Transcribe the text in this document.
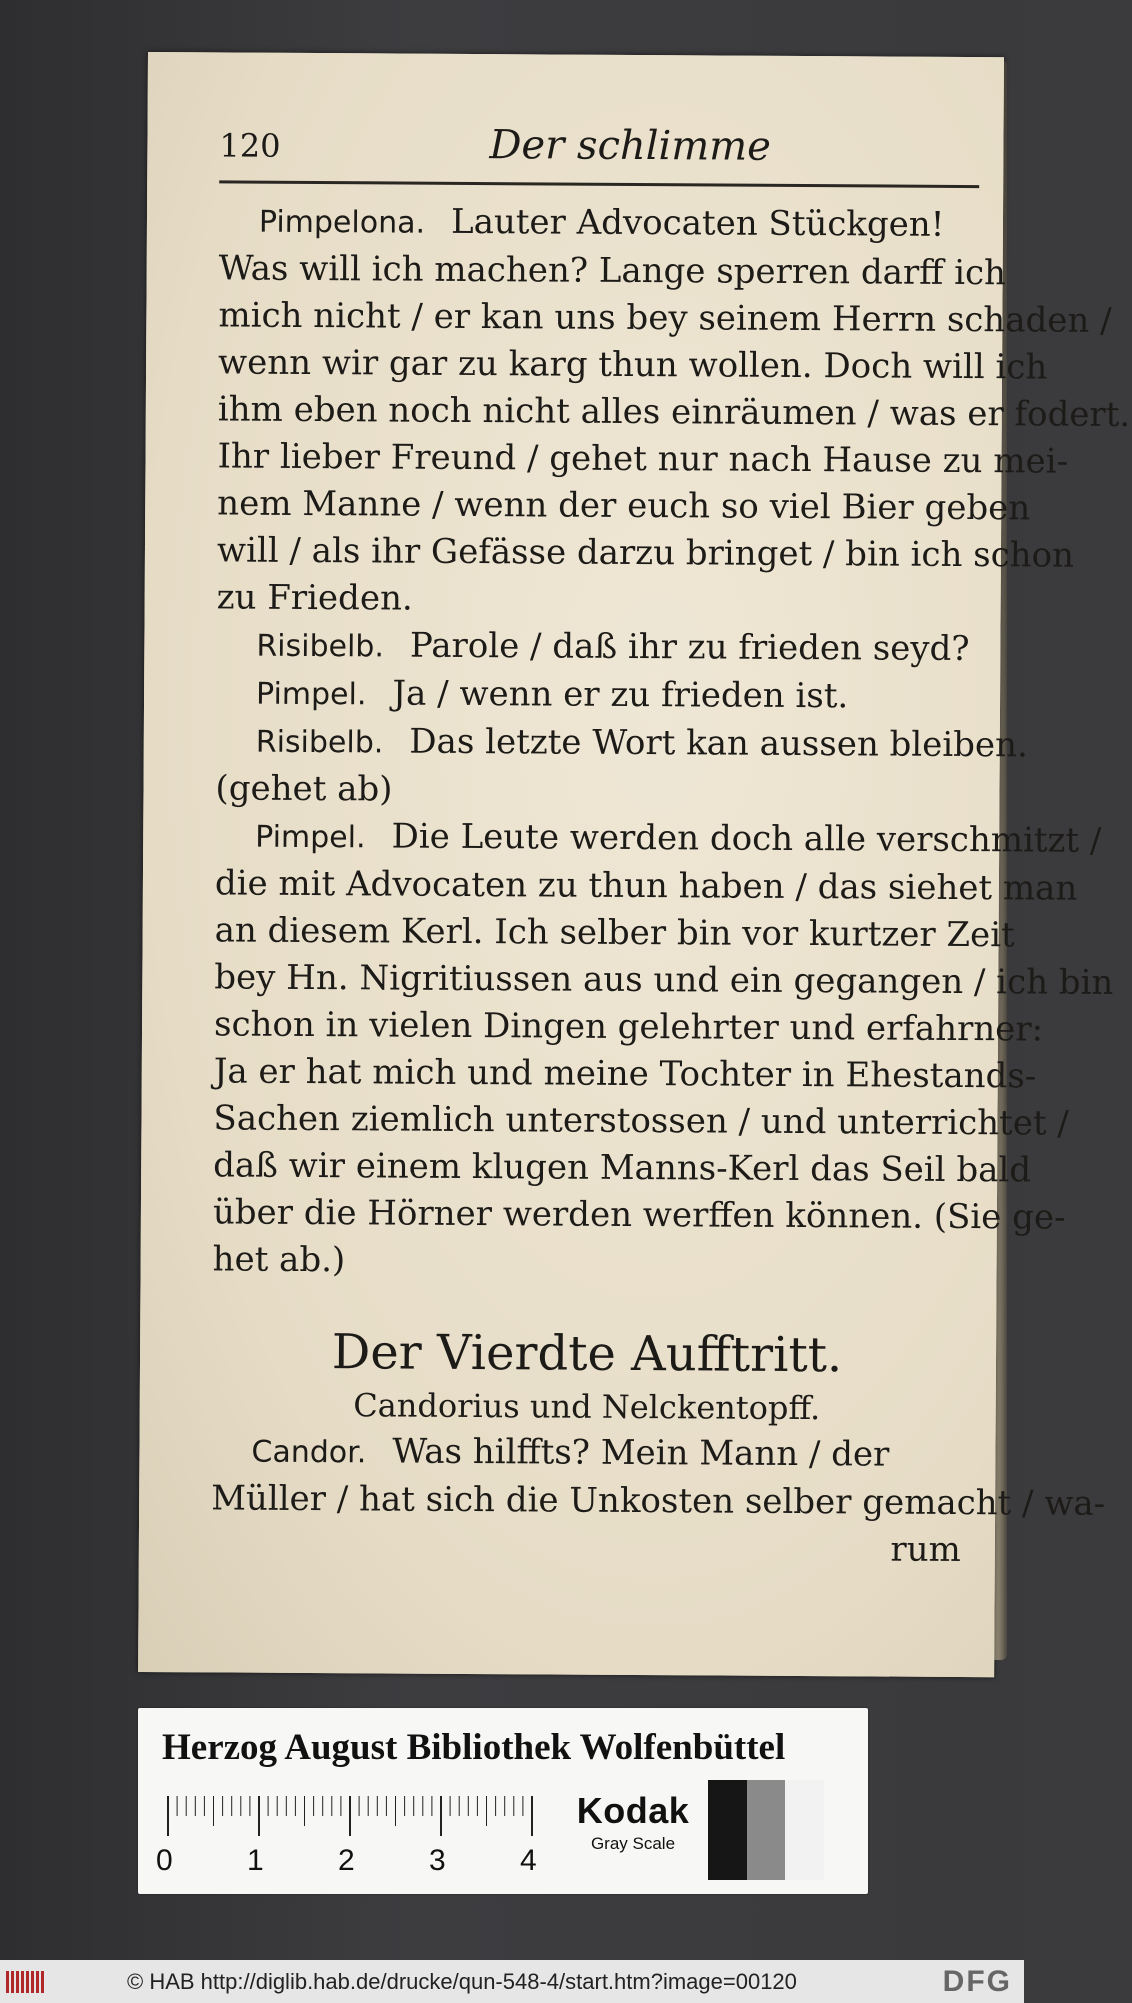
120	Der schlimme
Pimpelona. Lauter Advocaten Stückgen!
Was will ich machen? Lange sperren darff ich
mich nicht / er kan uns bey seinem Herrn schaden /
wenn wir gar zu karg thun wollen. Doch will ich
ihm eben noch nicht alles einräumen / was er fodert.
Ihr lieber Freund / gehet nur nach Hause zu mei-
nem Manne / wenn der euch so viel Bier geben
will / als ihr Gefässe darzu bringet / bin ich schon
zu Frieden.
Risibelb. Parole / daß ihr zu frieden seyd?
Pimpel. Ja / wenn er zu frieden ist.
Risibelb. Das letzte Wort kan aussen bleiben.
(gehet ab)
Pimpel. Die Leute werden doch alle verschmitzt /
die mit Advocaten zu thun haben / das siehet man
an diesem Kerl. Ich selber bin vor kurtzer Zeit
bey Hn. Nigritiussen aus und ein gegangen / ich bin
schon in vielen Dingen gelehrter und erfahrner:
Ja er hat mich und meine Tochter in Ehestands-
Sachen ziemlich unterstossen / und unterrichtet /
daß wir einem klugen Manns-Kerl das Seil bald
über die Hörner werden werffen können. (Sie ge-
het ab.)
Der Vierdte Aufftritt.
Candorius und Nelckentopff.
Candor. Was hilffts? Mein Mann / der
Müller / hat sich die Unkosten selber gemacht / wa-
rum
Herzog August Bibliothek Wolfenbüttel
0 1 2 3 4
Kodak
Gray Scale
© HAB http://diglib.hab.de/drucke/qun-548-4/start.htm?image=00120	DFG
